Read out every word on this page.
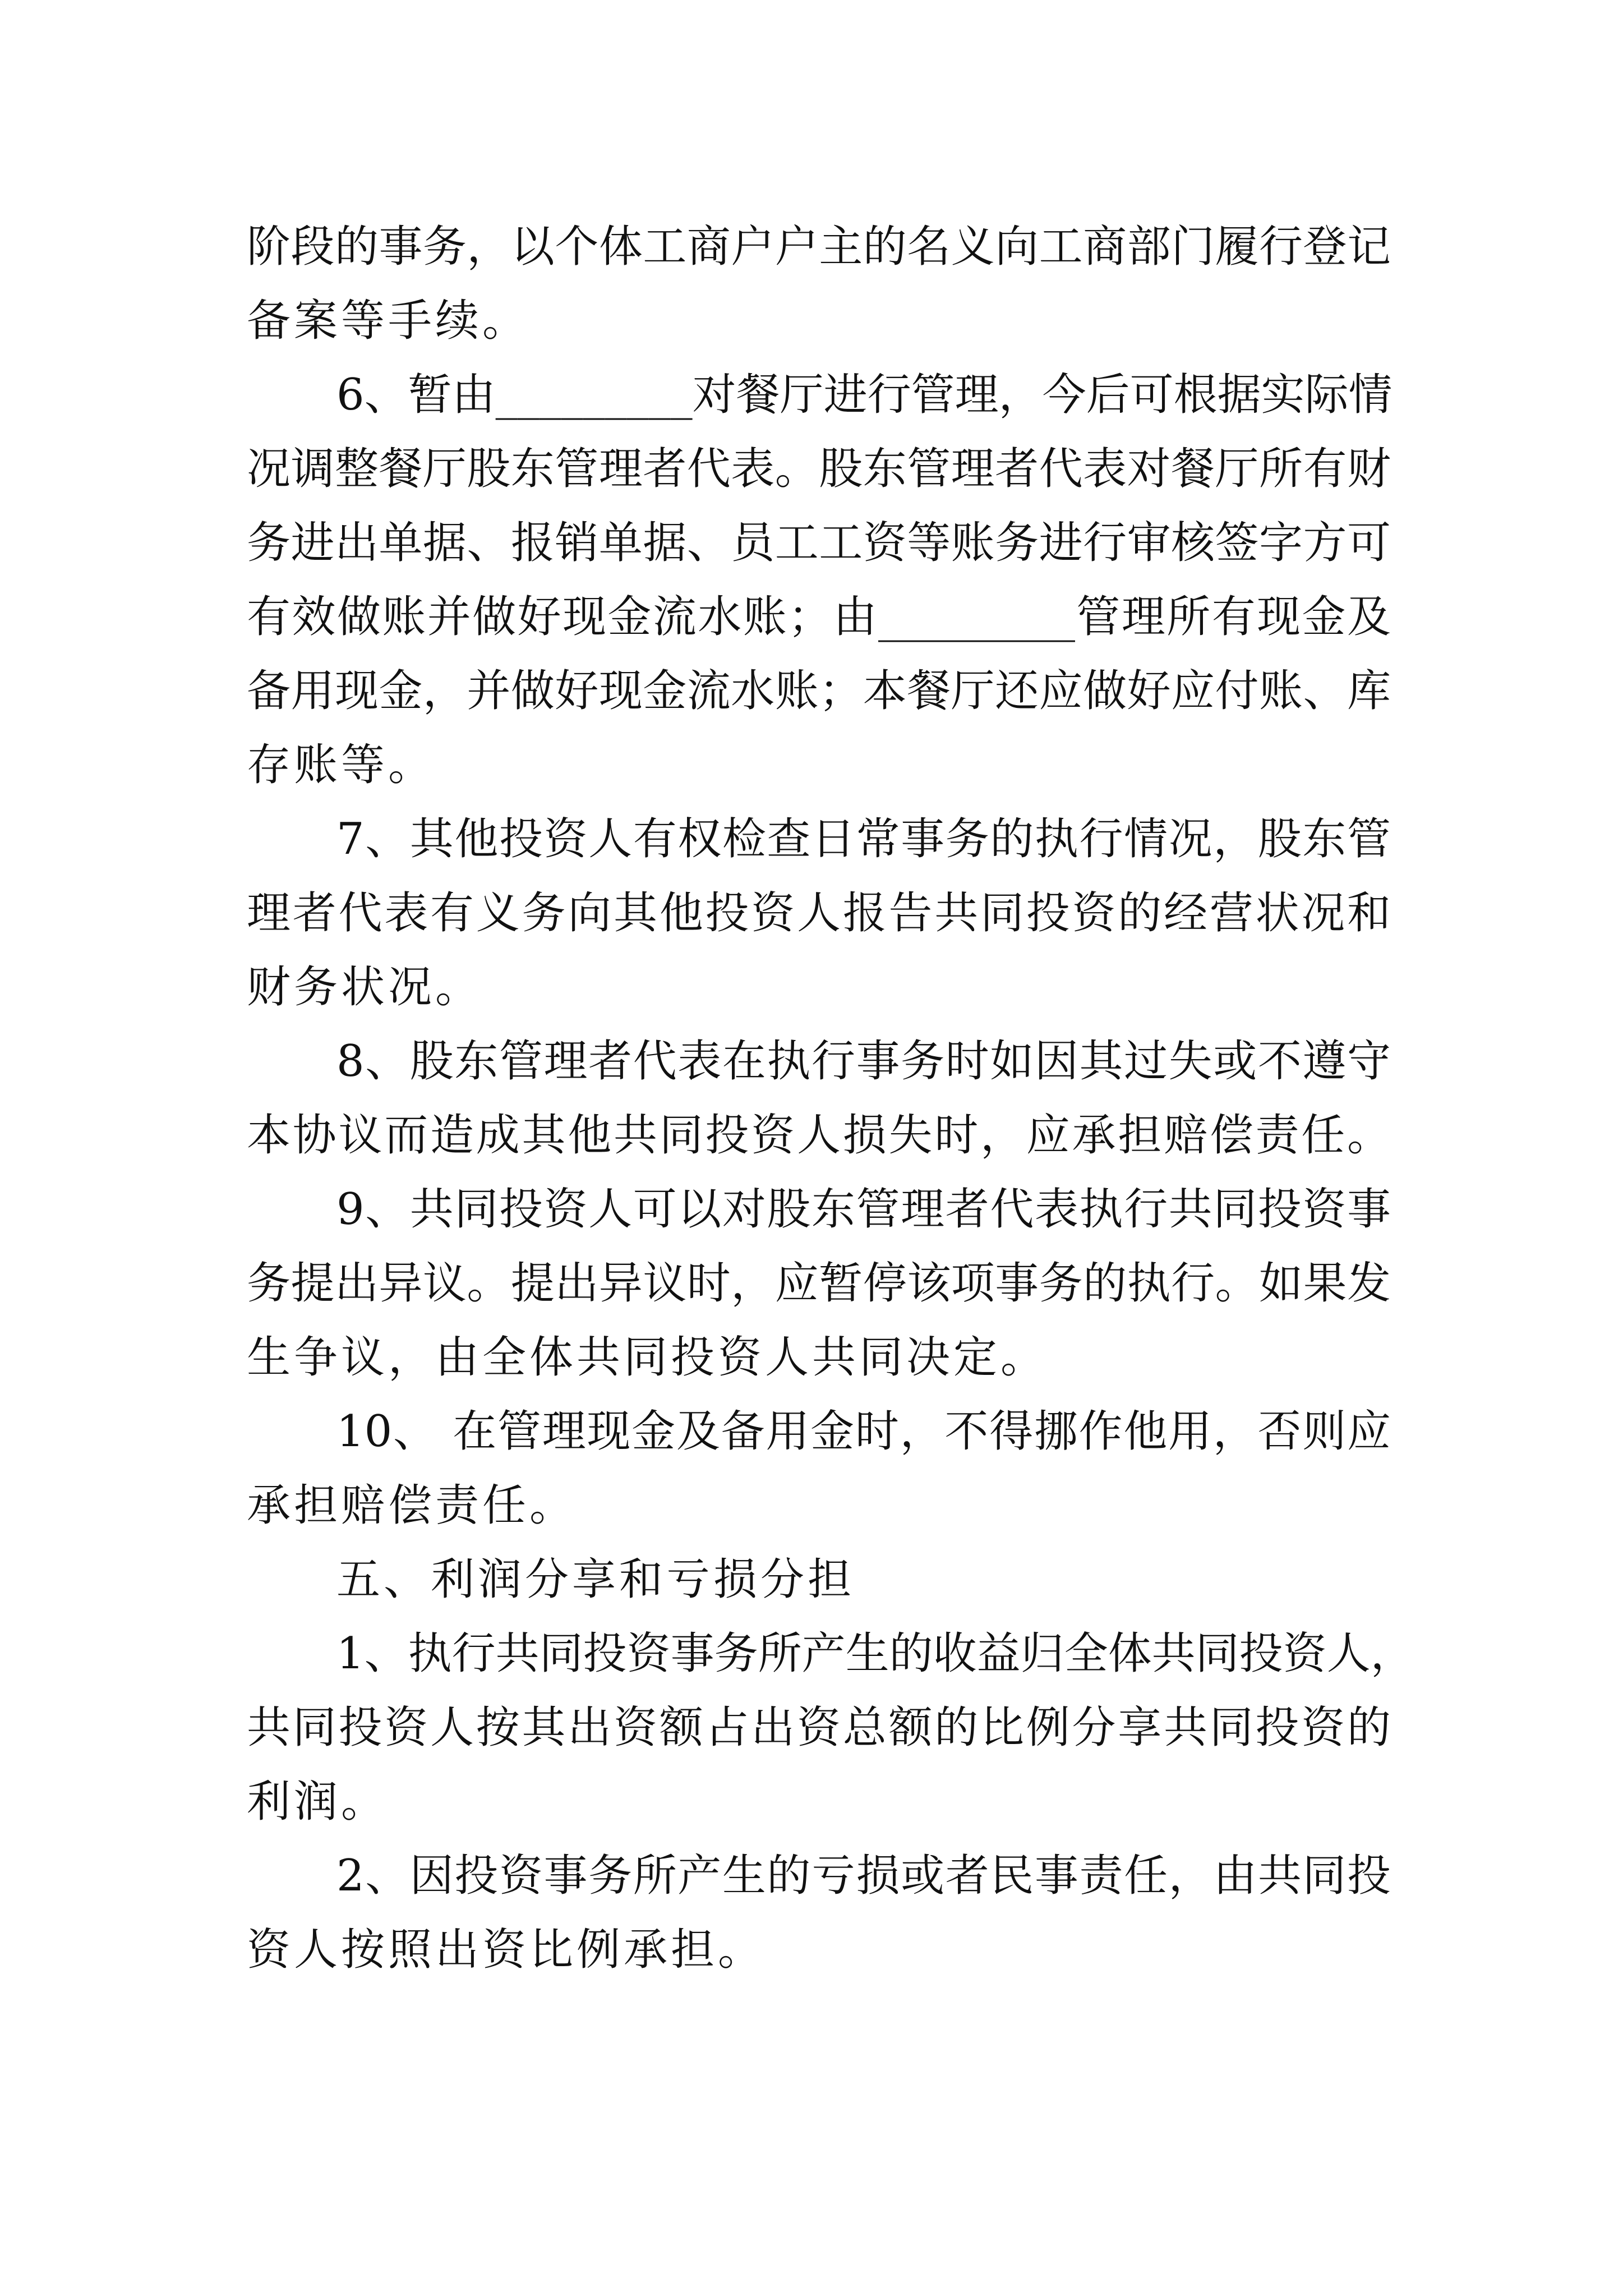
阶段的事务，以个体工商户户主的名义向工商部门履行登记
备案等手续。
6、暂由_________对餐厅进行管理，今后可根据实际情
况调整餐厅股东管理者代表。股东管理者代表对餐厅所有财
务进出单据、报销单据、员工工资等账务进行审核签字方可
有效做账并做好现金流水账；由_________管理所有现金及
备用现金，并做好现金流水账；本餐厅还应做好应付账、库
存账等。
7、其他投资人有权检查日常事务的执行情况，股东管
理者代表有义务向其他投资人报告共同投资的经营状况和
财务状况。
8、股东管理者代表在执行事务时如因其过失或不遵守
本协议而造成其他共同投资人损失时，应承担赔偿责任。
9、共同投资人可以对股东管理者代表执行共同投资事
务提出异议。提出异议时，应暂停该项事务的执行。如果发
生争议，由全体共同投资人共同决定。
10、 在管理现金及备用金时，不得挪作他用，否则应
承担赔偿责任。
五、利润分享和亏损分担
1、执行共同投资事务所产生的收益归全体共同投资人，
共同投资人按其出资额占出资总额的比例分享共同投资的
利润。
2、因投资事务所产生的亏损或者民事责任，由共同投
资人按照出资比例承担。
